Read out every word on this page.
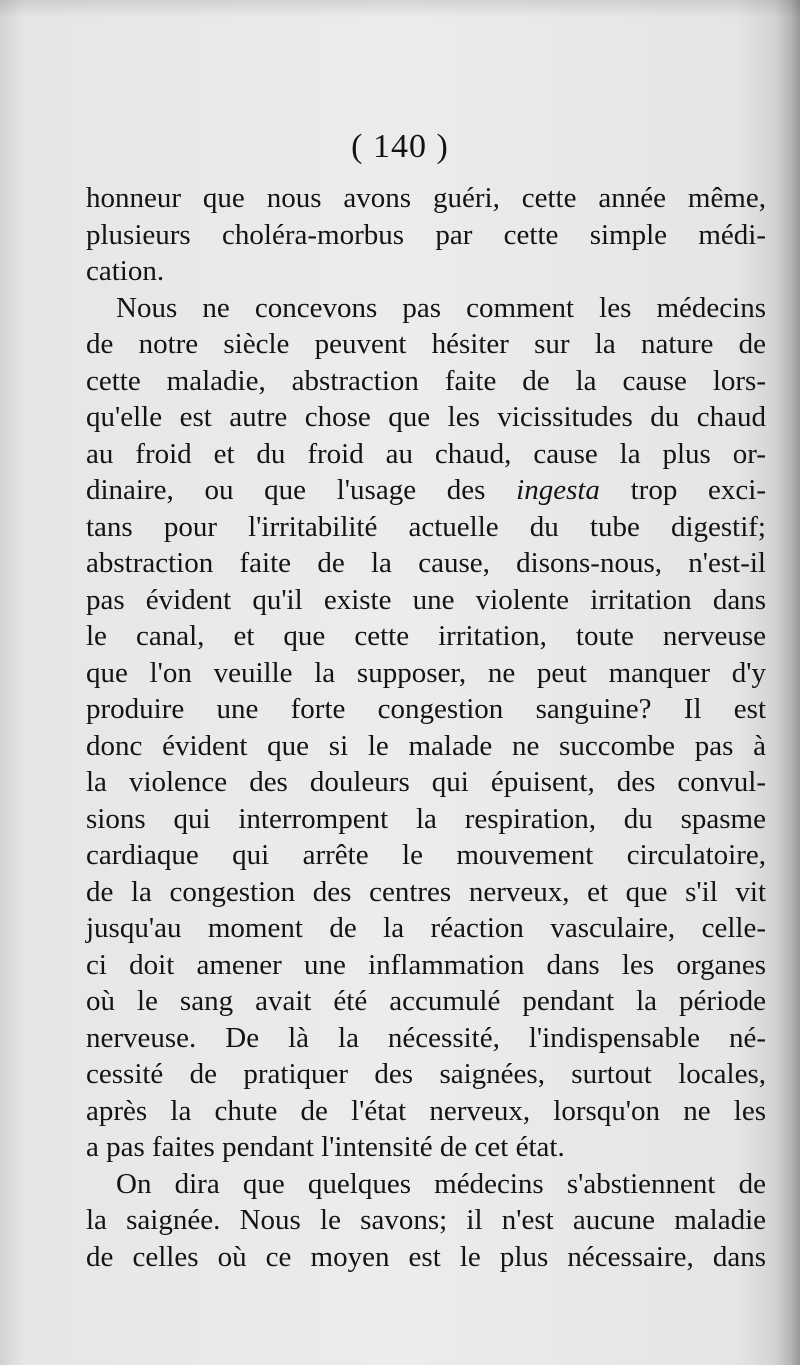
( 140 )
honneur que nous avons guéri, cette année même,
plusieurs choléra-morbus par cette simple médi-
cation.
Nous ne concevons pas comment les médecins
de notre siècle peuvent hésiter sur la nature de
cette maladie, abstraction faite de la cause lors-
qu'elle est autre chose que les vicissitudes du chaud
au froid et du froid au chaud, cause la plus or-
dinaire, ou que l'usage des ingesta trop exci-
tans pour l'irritabilité actuelle du tube digestif;
abstraction faite de la cause, disons-nous, n'est-il
pas évident qu'il existe une violente irritation dans
le canal, et que cette irritation, toute nerveuse
que l'on veuille la supposer, ne peut manquer d'y
produire une forte congestion sanguine? Il est
donc évident que si le malade ne succombe pas à
la violence des douleurs qui épuisent, des convul-
sions qui interrompent la respiration, du spasme
cardiaque qui arrête le mouvement circulatoire,
de la congestion des centres nerveux, et que s'il vit
jusqu'au moment de la réaction vasculaire, celle-
ci doit amener une inflammation dans les organes
où le sang avait été accumulé pendant la période
nerveuse. De là la nécessité, l'indispensable né-
cessité de pratiquer des saignées, surtout locales,
après la chute de l'état nerveux, lorsqu'on ne les
a pas faites pendant l'intensité de cet état.
On dira que quelques médecins s'abstiennent de
la saignée. Nous le savons; il n'est aucune maladie
de celles où ce moyen est le plus nécessaire, dans
